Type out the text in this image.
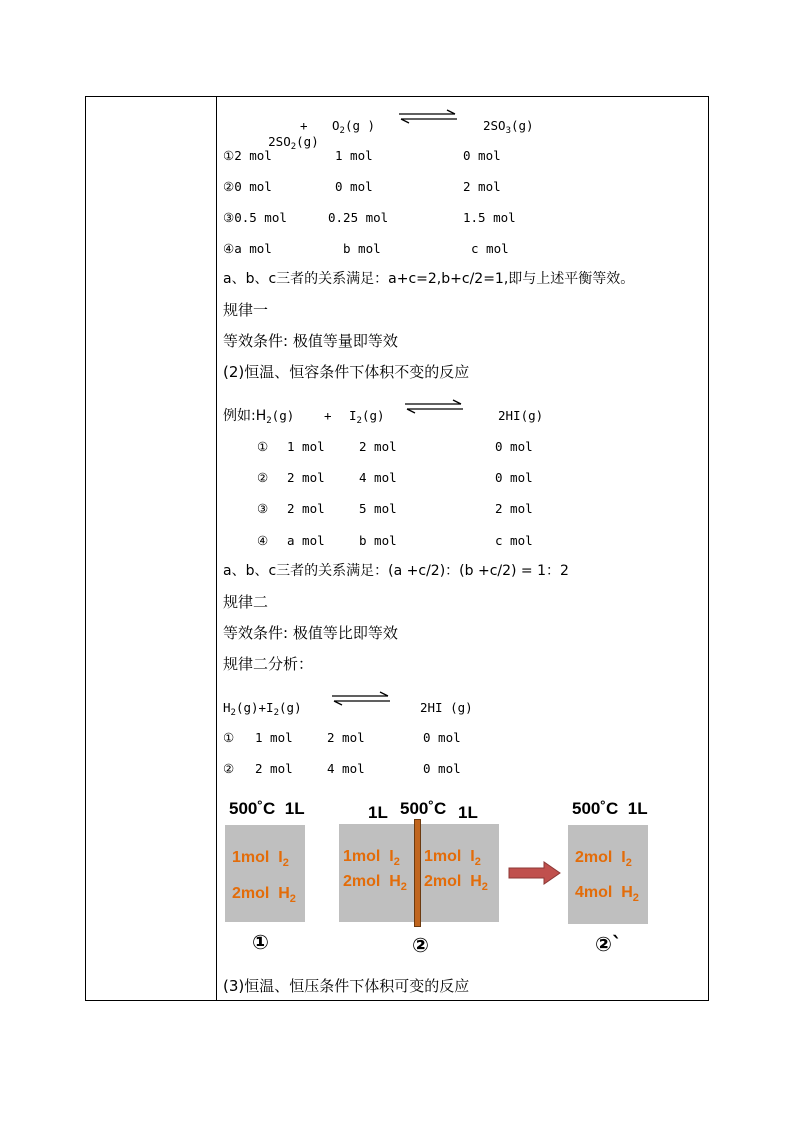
$2SO_2(g)$

+ $O_2(g$ )	$2SO_3(g)$
①2 mol	1 mol	0 mol
②0 mol	0 mol	2 mol
③0.5 mol	0.25 mol	1.5 mol
④a mol	b mol	c mol
a、b、c三者的关系满足：a+c=2,b+c/2=1,即与上述平衡等效。
规律一
等效条件: 极值等量即等效
(2)恒温、恒容条件下体积不变的反应
例如$:H_2(g) + I_2(g)$	2HI(g)
① 1 mol	2 mol	0 mol
② 2 mol	4 mol	0 mol
③ 2 mol	5 mol	2 mol
④ a mol	b mol	c mol
a、b、c三者的关系满足：(a +c/2)：(b +c/2) = 1：2
规律二
等效条件: 极值等比即等效
规律二分析：
$H_2(g)+I_2(g)$	2HI (g)
① 1 mol	2 mol	0 mol
② 2 mol	4 mol	0 mol
500˚C  1L
1mol  $I_2$
2mol  $H_2$
①
1L 500˚C 1L
1mol  $I_2$
2mol  $H_2$
1mol  $I_2$
2mol  $H_2$
②
500˚C  1L
2mol  $I_2$
4mol  $H_2$
②`
(3)恒温、恒压条件下体积可变的反应
